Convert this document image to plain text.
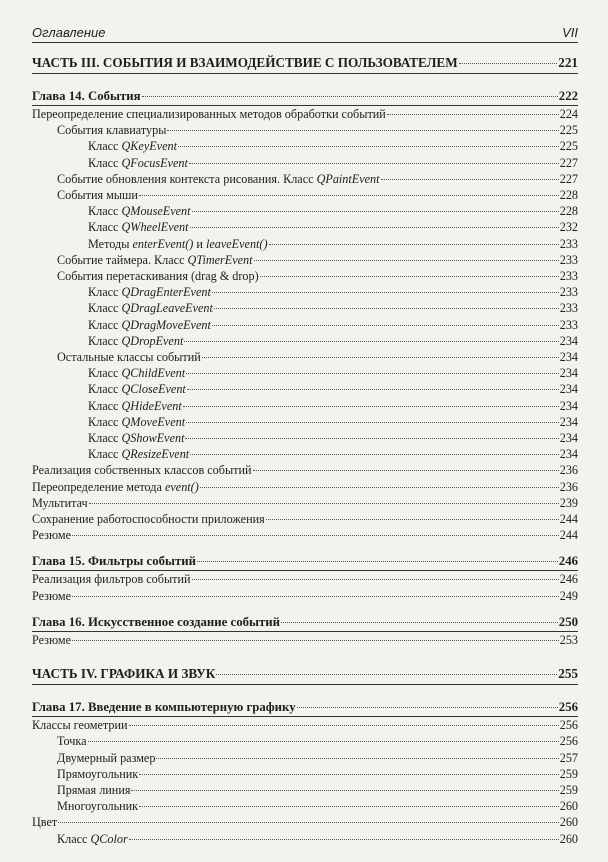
Оглавление	VII
ЧАСТЬ III. СОБЫТИЯ И ВЗАИМОДЕЙСТВИЕ С ПОЛЬЗОВАТЕЛЕМ	221
Глава 14. События	222
Переопределение специализированных методов обработки событий	224
События клавиатуры	225
Класс QKeyEvent	225
Класс QFocusEvent	227
Событие обновления контекста рисования. Класс QPaintEvent	227
События мыши	228
Класс QMouseEvent	228
Класс QWheelEvent	232
Методы enterEvent() и leaveEvent()	233
Событие таймера. Класс QTimerEvent	233
События перетаскивания (drag & drop)	233
Класс QDragEnterEvent	233
Класс QDragLeaveEvent	233
Класс QDragMoveEvent	233
Класс QDropEvent	234
Остальные классы событий	234
Класс QChildEvent	234
Класс QCloseEvent	234
Класс QHideEvent	234
Класс QMoveEvent	234
Класс QShowEvent	234
Класс QResizeEvent	234
Реализация собственных классов событий	236
Переопределение метода event()	236
Мультитач	239
Сохранение работоспособности приложения	244
Резюме	244
Глава 15. Фильтры событий	246
Реализация фильтров событий	246
Резюме	249
Глава 16. Искусственное создание событий	250
Резюме	253
ЧАСТЬ IV. ГРАФИКА И ЗВУК	255
Глава 17. Введение в компьютерную графику	256
Классы геометрии	256
Точка	256
Двумерный размер	257
Прямоугольник	259
Прямая линия	259
Многоугольник	260
Цвет	260
Класс QColor	260
